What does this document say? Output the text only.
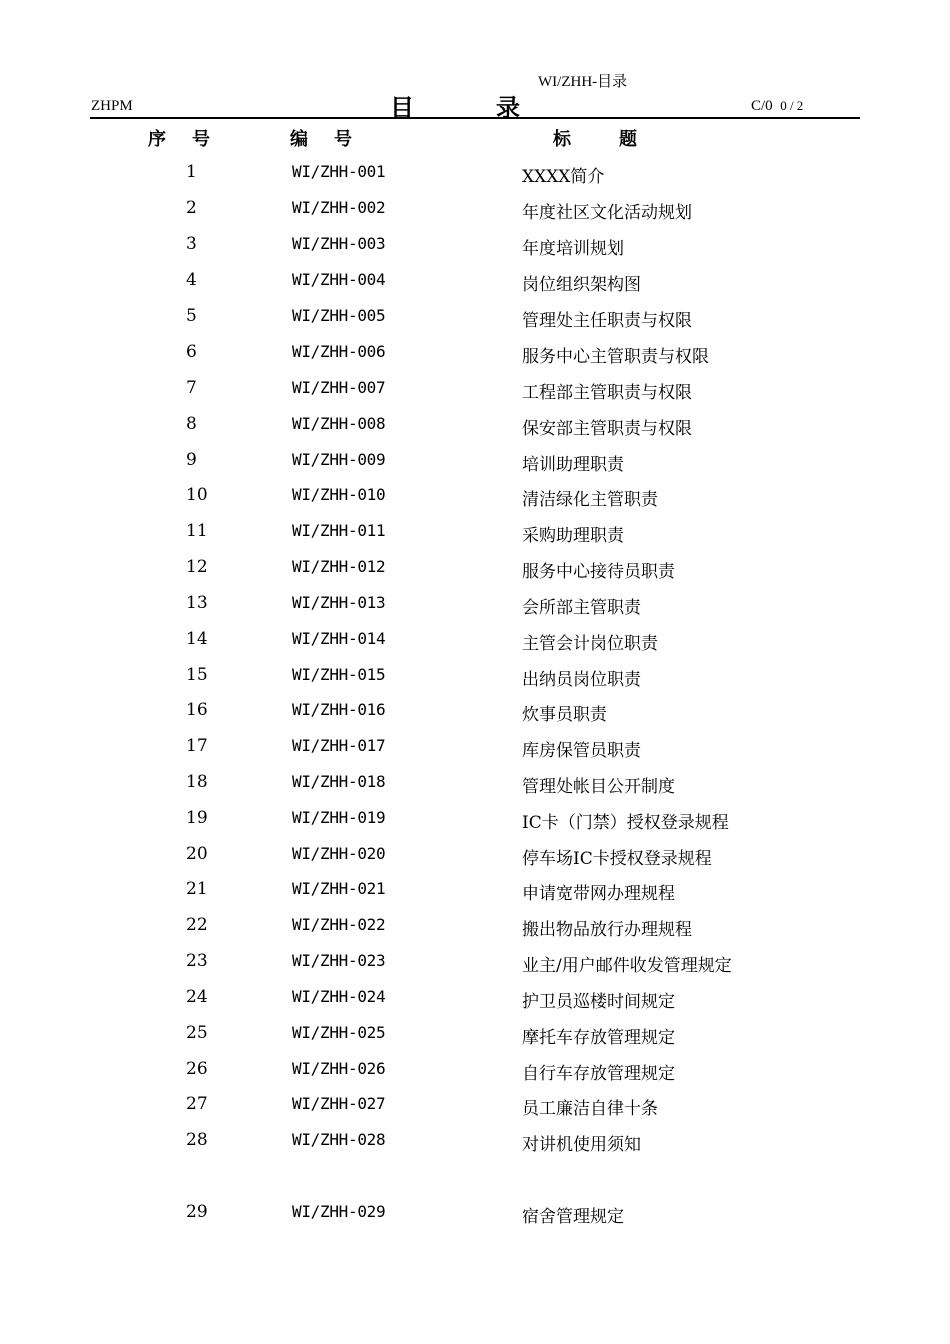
WI/ZHH-目录
ZHPM	目	录	C/0 0 / 2
序 号	编 号	标	题
1	WI/ZHH-001	XXXX简介
2	WI/ZHH-002	年度社区文化活动规划
3	WI/ZHH-003	年度培训规划
4	WI/ZHH-004	岗位组织架构图
5	WI/ZHH-005	管理处主任职责与权限
6	WI/ZHH-006	服务中心主管职责与权限
7	WI/ZHH-007	工程部主管职责与权限
8	WI/ZHH-008	保安部主管职责与权限
9	WI/ZHH-009	培训助理职责
10	WI/ZHH-010	清洁绿化主管职责
11	WI/ZHH-011	采购助理职责
12	WI/ZHH-012	服务中心接待员职责
13	WI/ZHH-013	会所部主管职责
14	WI/ZHH-014	主管会计岗位职责
15	WI/ZHH-015	出纳员岗位职责
16	WI/ZHH-016	炊事员职责
17	WI/ZHH-017	库房保管员职责
18	WI/ZHH-018	管理处帐目公开制度
19	WI/ZHH-019	IC卡（门禁）授权登录规程
20	WI/ZHH-020	停车场IC卡授权登录规程
21	WI/ZHH-021	申请宽带网办理规程
22	WI/ZHH-022	搬出物品放行办理规程
23	WI/ZHH-023	业主/用户邮件收发管理规定
24	WI/ZHH-024	护卫员巡楼时间规定
25	WI/ZHH-025	摩托车存放管理规定
26	WI/ZHH-026	自行车存放管理规定
27	WI/ZHH-027	员工廉洁自律十条
28	WI/ZHH-028	对讲机使用须知
29	WI/ZHH-029	宿舍管理规定
